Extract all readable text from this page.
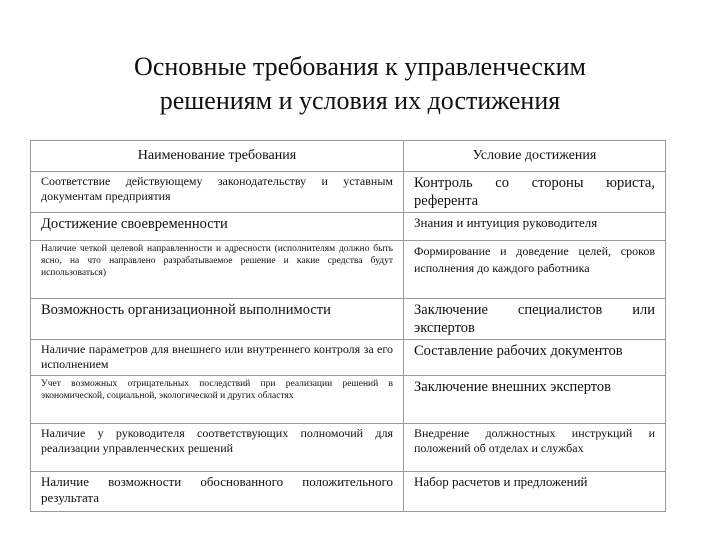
Основные требования к управленческим
решениям и условия их достижения
Наименование требования	Условие достижения
Соответствие действующему законодательству и уставным документам предприятия	Контроль со стороны юриста, референта
Достижение своевременности	Знания и интуиция руководителя
Наличие четкой целевой направленности и адресности (исполнителям должно быть ясно, на что направлено разрабатываемое решение и какие средства будут использоваться)	Формирование и доведение целей, сроков исполнения до каждого работника
Возможность организационной выполнимости	Заключение специалистов или экспертов
Наличие параметров для внешнего или внутреннего контроля за его исполнением	Составление рабочих документов
Учет возможных отрицательных последствий при реализации решений в экономической, социальной, экологической и других областях	Заключение внешних экспертов
Наличие у руководителя соответствующих полномочий для реализации управленческих решений	Внедрение должностных инструкций и положений об отделах и службах
Наличие возможности обоснованного положительного результата	Набор расчетов и предложений
